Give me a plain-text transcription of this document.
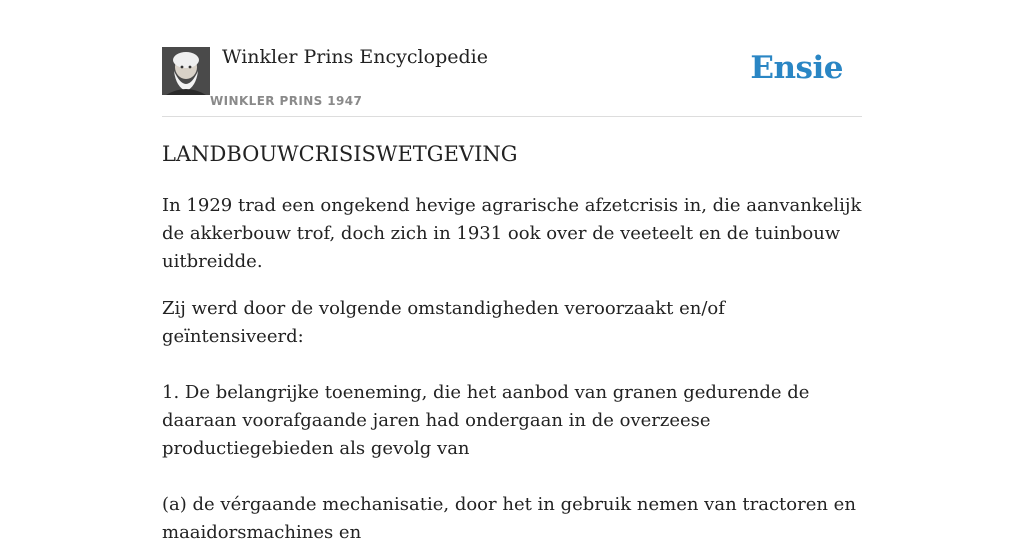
Winkler Prins Encyclopedie
WINKLER PRINS 1947
Ensie
LANDBOUWCRISISWETGEVING

In 1929 trad een ongekend hevige agrarische afzetcrisis in, die aanvankelijk de akkerbouw trof, doch zich in 1931 ook over de veeteelt en de tuinbouw uitbreidde.

Zij werd door de volgende omstandigheden veroorzaakt en/of geïntensiveerd:

1. De belangrijke toeneming, die het aanbod van granen gedurende de daaraan voorafgaande jaren had ondergaan in de overzeese productiegebieden als gevolg van

(a) de vérgaande mechanisatie, door het in gebruik nemen van tractoren en maaidorsmachines en
